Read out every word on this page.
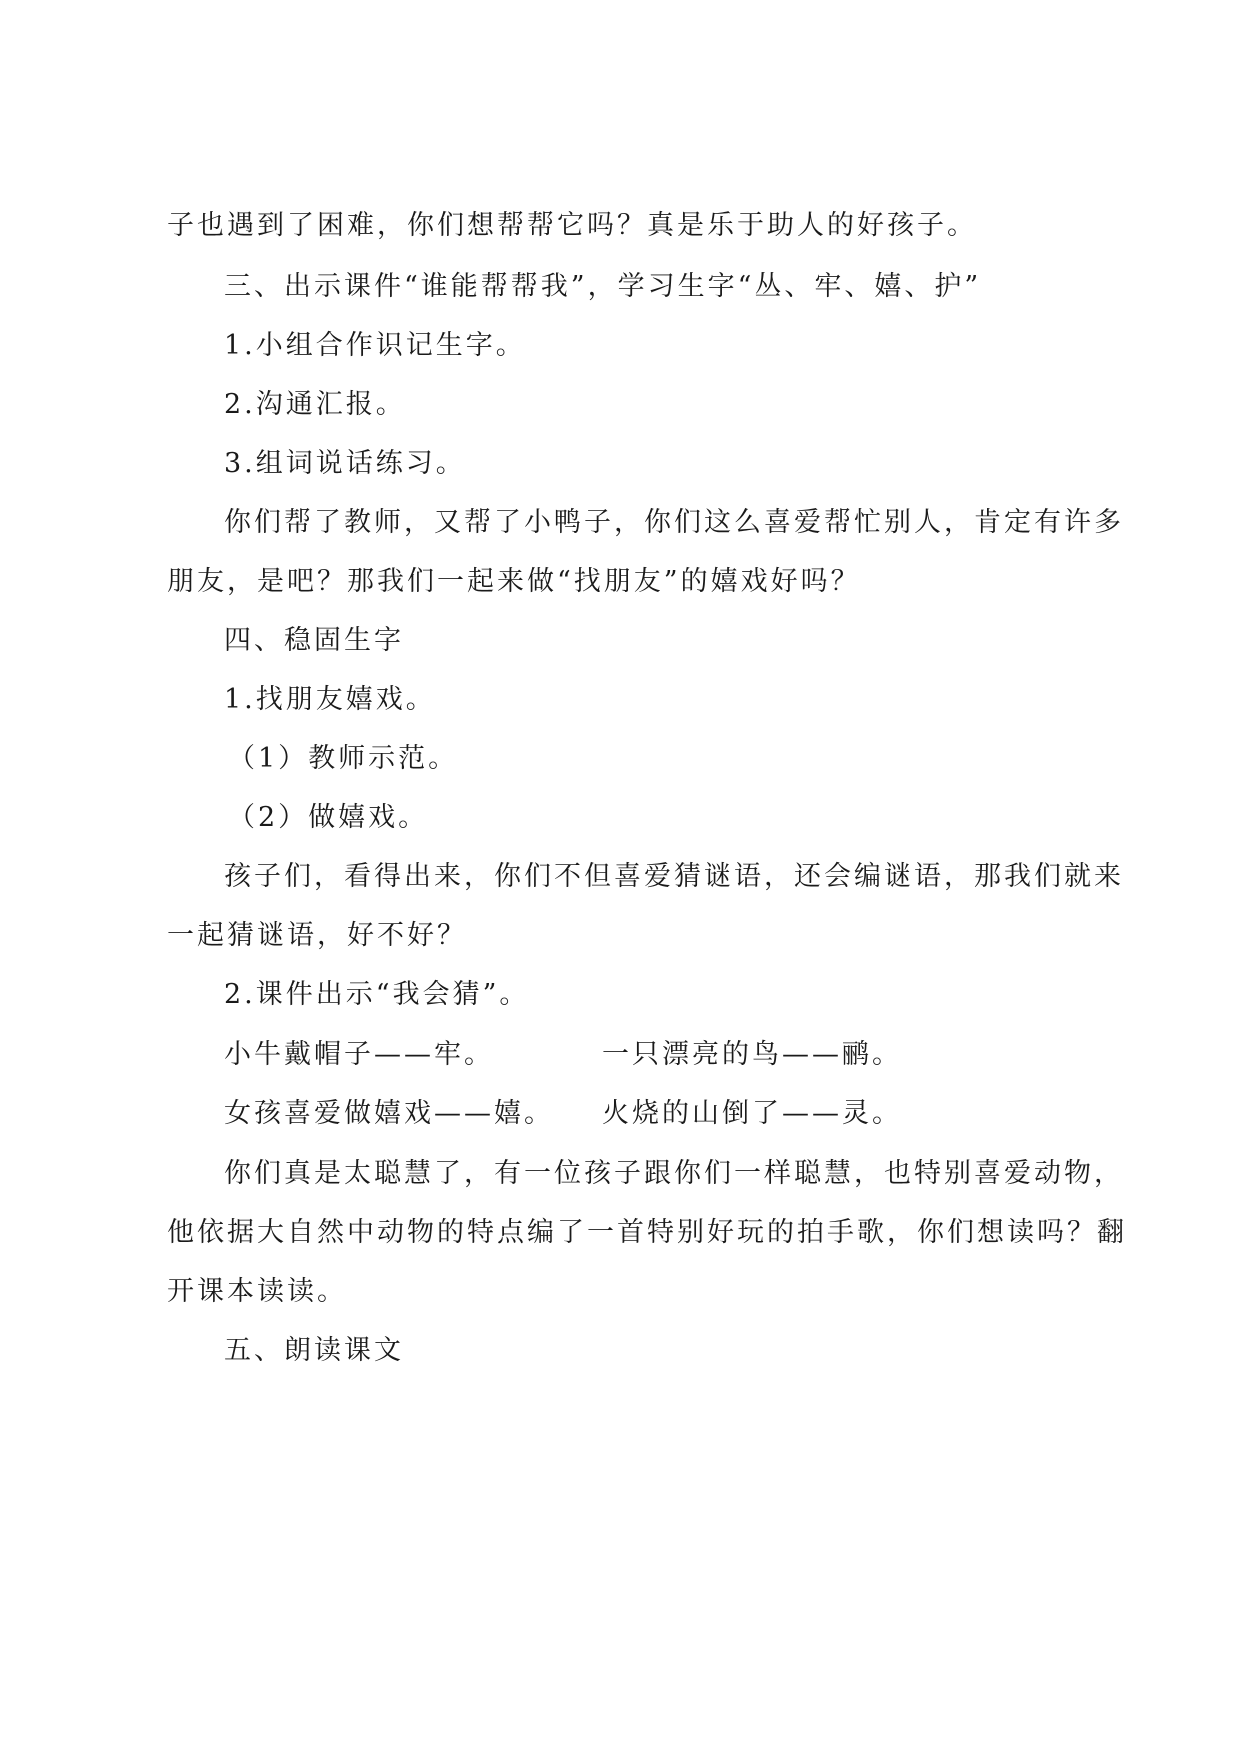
子也遇到了困难，你们想帮帮它吗？真是乐于助人的好孩子。
三、出示课件“谁能帮帮我”，学习生字“丛、牢、嬉、护”
1.小组合作识记生字。
2.沟通汇报。
3.组词说话练习。
你们帮了教师，又帮了小鸭子，你们这么喜爱帮忙别人，肯定有许多
朋友，是吧？那我们一起来做“找朋友”的嬉戏好吗？
四、稳固生字
1.找朋友嬉戏。
（1）教师示范。
（2）做嬉戏。
孩子们，看得出来，你们不但喜爱猜谜语，还会编谜语，那我们就来
一起猜谜语，好不好？
2.课件出示“我会猜”。
小牛戴帽子——牢。	一只漂亮的鸟——鹂。
女孩喜爱做嬉戏——嬉。 火烧的山倒了——灵。
你们真是太聪慧了，有一位孩子跟你们一样聪慧，也特别喜爱动物，
他依据大自然中动物的特点编了一首特别好玩的拍手歌，你们想读吗？翻
开课本读读。
五、朗读课文
